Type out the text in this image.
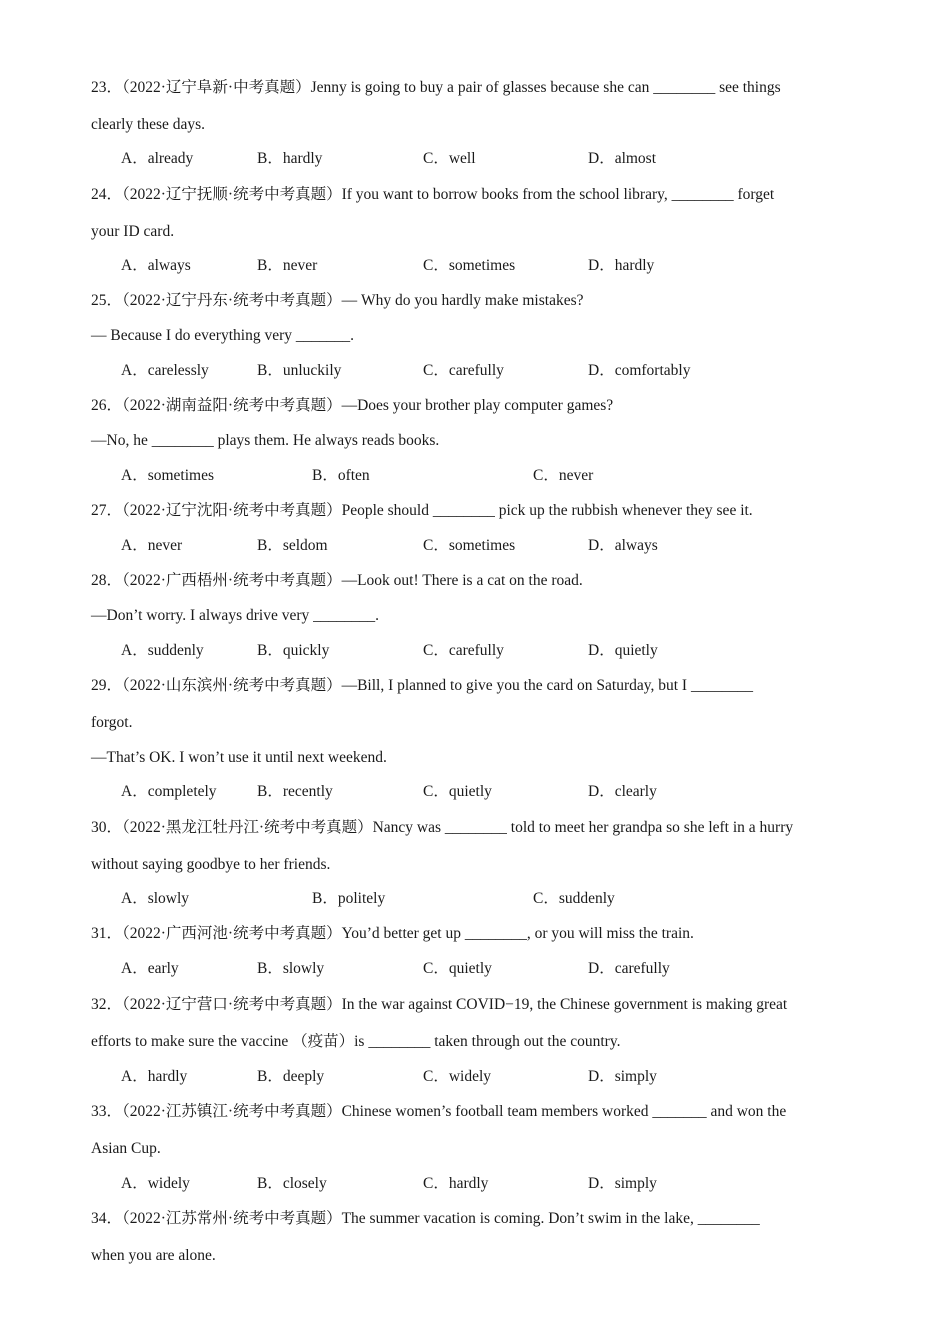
23．（2022·辽宁阜新·中考真题）Jenny is going to buy a pair of glasses because she can ________ see things
clearly these days.
A．already	B．hardly	C．well	D．almost
24．（2022·辽宁抚顺·统考中考真题）If you want to borrow books from the school library, ________ forget
your ID card.
A．always	B．never	C．sometimes	D．hardly
25．（2022·辽宁丹东·统考中考真题）— Why do you hardly make mistakes?
— Because I do everything very _______.
A．carelessly	B．unluckily	C．carefully	D．comfortably
26．（2022·湖南益阳·统考中考真题）—Does your brother play computer games?
—No, he ________ plays them. He always reads books.
A．sometimes	B．often	C．never
27．（2022·辽宁沈阳·统考中考真题）People should ________ pick up the rubbish whenever they see it.
A．never	B．seldom	C．sometimes	D．always
28．（2022·广西梧州·统考中考真题）—Look out! There is a cat on the road.
—Don’t worry. I always drive very ________.
A．suddenly	B．quickly	C．carefully	D．quietly
29．（2022·山东滨州·统考中考真题）—Bill, I planned to give you the card on Saturday, but I ________
forgot.
—That’s OK. I won’t use it until next weekend.
A．completely	B．recently	C．quietly	D．clearly
30．（2022·黑龙江牡丹江·统考中考真题）Nancy was ________ told to meet her grandpa so she left in a hurry
without saying goodbye to her friends.
A．slowly	B．politely	C．suddenly
31．（2022·广西河池·统考中考真题）You’d better get up ________, or you will miss the train.
A．early	B．slowly	C．quietly	D．carefully
32．（2022·辽宁营口·统考中考真题）In the war against COVID−19, the Chinese government is making great
efforts to make sure the vaccine （疫苗）is ________ taken through out the country.
A．hardly	B．deeply	C．widely	D．simply
33．（2022·江苏镇江·统考中考真题）Chinese women’s football team members worked _______ and won the
Asian Cup.
A．widely	B．closely	C．hardly	D．simply
34．（2022·江苏常州·统考中考真题）The summer vacation is coming. Don’t swim in the lake, ________
when you are alone.
